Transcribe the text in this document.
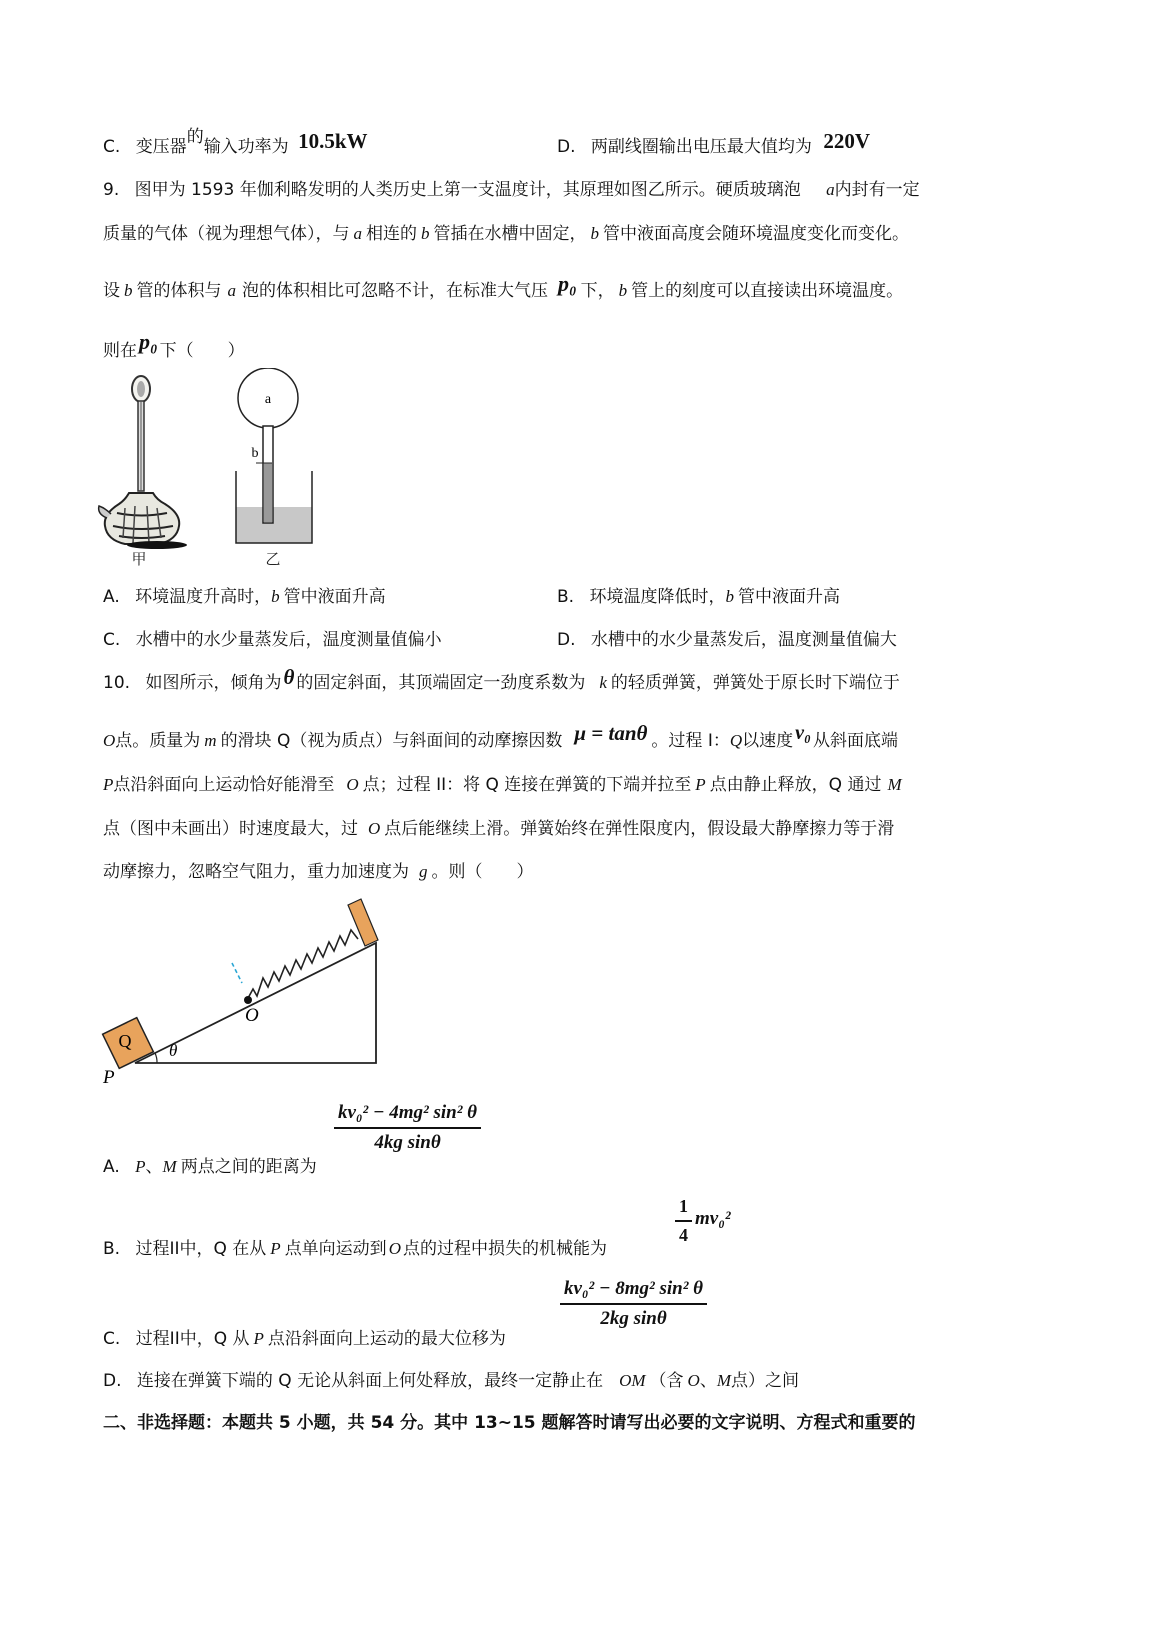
C. 变压器的输入功率为 10.5kW	D. 两副线圈输出电压最大值均为 220V
9. 图甲为 1593 年伽利略发明的人类历史上第一支温度计，其原理如图乙所示。硬质玻璃泡 a内封有一定
质量的气体（视为理想气体），与 a 相连的 b 管插在水槽中固定， b 管中液面高度会随环境温度变化而变化。
设 b 管的体积与 a 泡的体积相比可忽略不计，在标准大气压 p₀ 下， b 管上的刻度可以直接读出环境温度。
则在p₀ 下（　　）
甲
a
b
乙
A. 环境温度升高时，b 管中液面升高	B. 环境温度降低时，b 管中液面升高
C. 水槽中的水少量蒸发后，温度测量值偏小	D. 水槽中的水少量蒸发后，温度测量值偏大
10. 如图所示，倾角为θ 的固定斜面，其顶端固定一劲度系数为 k 的轻质弹簧，弹簧处于原长时下端位于
O点。质量为 m 的滑块 Q（视为质点）与斜面间的动摩擦因数 μ = tanθ 。过程 I：Q以速度 v₀ 从斜面底端
P点沿斜面向上运动恰好能滑至 O 点；过程 II：将 Q 连接在弹簧的下端并拉至 P 点由静止释放，Q 通过 M
点（图中未画出）时速度最大，过 O 点后能继续上滑。弹簧始终在弹性限度内，假设最大静摩擦力等于滑
动摩擦力，忽略空气阻力，重力加速度为 g 。则（　　）
Q θ
O
P
A. P、M 两点之间的距离为
$\frac{\text{kv₀² − 4mg² sin² θ}}{\text{4kg sinθ}}$
B. 过程II中，Q 在从 P 点单向运动到 O 点的过程中损失的机械能为
$\frac{1}{4} mv_0^2$
C. 过程II中，Q 从 P 点沿斜面向上运动的最大位移为
$\frac{\text{kv₀² − 8mg² sin² θ}}{\text{2kg sinθ}}$
D. 连接在弹簧下端的 Q 无论从斜面上何处释放，最终一定静止在 OM （含 O、M点）之间
二、非选择题：本题共 5 小题，共 54 分。其中 13~15 题解答时请写出必要的文字说明、方程式和重要的
